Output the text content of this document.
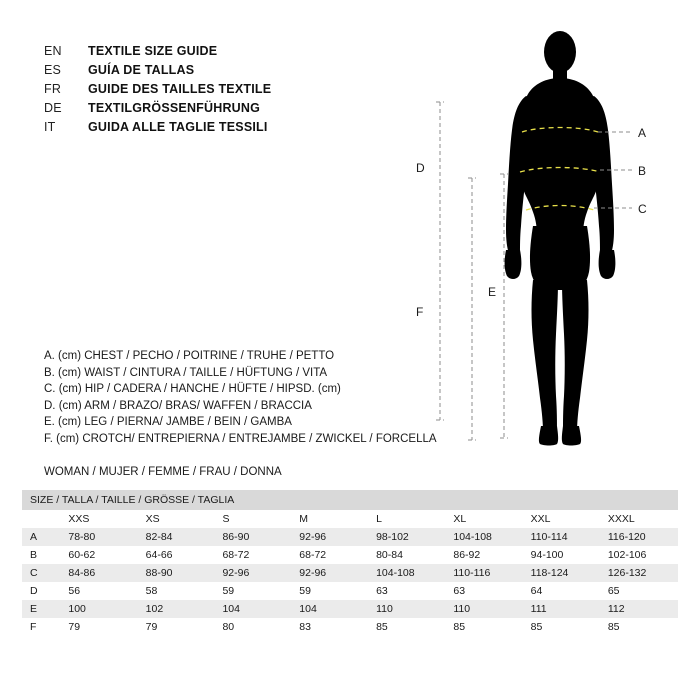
EN	TEXTILE SIZE GUIDE
ES	GUÍA DE TALLAS
FR	GUIDE DES TAILLES TEXTILE
DE	TEXTILGRÖSSENFÜHRUNG
IT	GUIDA ALLE TAGLIE TESSILI
A. (cm) CHEST / PECHO / POITRINE / TRUHE / PETTO
B. (cm) WAIST / CINTURA / TAILLE / HÜFTUNG / VITA
C. (cm) HIP / CADERA / HANCHE / HÜFTE / HIPSD. (cm)
D. (cm) ARM / BRAZO/ BRAS/ WAFFEN / BRACCIA
E. (cm) LEG / PIERNA/ JAMBE / BEIN / GAMBA
F. (cm) CROTCH/ ENTREPIERNA / ENTREJAMBE / ZWICKEL / FORCELLA
WOMAN / MUJER / FEMME / FRAU / DONNA
A
B
C
D
E
F
SIZE / TALLA / TAILLE / GRÖSSE / TAGLIA								
	XXS	XS	S	M	L	XL	XXL	XXXL
A	78-80	82-84	86-90	92-96	98-102	104-108	110-114	116-120
B	60-62	64-66	68-72	68-72	80-84	86-92	94-100	102-106
C	84-86	88-90	92-96	92-96	104-108	110-116	118-124	126-132
D	56	58	59	59	63	63	64	65
E	100	102	104	104	110	110	111	112
F	79	79	80	83	85	85	85	85
